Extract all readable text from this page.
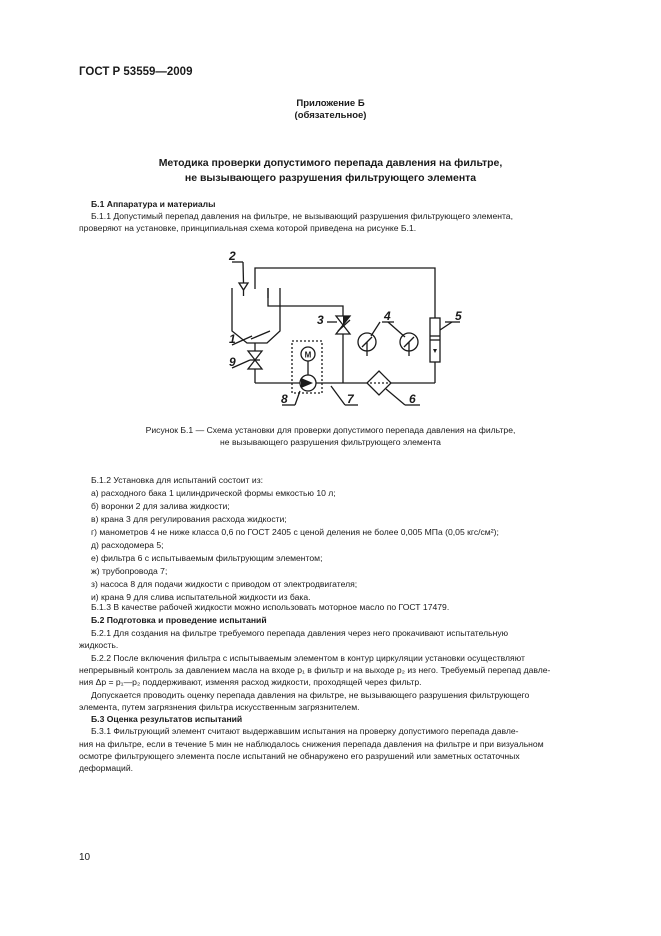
ГОСТ Р 53559—2009
Приложение Б
(обязательное)
Методика проверки допустимого перепада давления на фильтре,
не вызывающего разрушения фильтрующего элемента
Б.1 Аппаратура и материалы
Б.1.1 Допустимый перепад давления на фильтре, не вызывающий разрушения фильтрующего элемента,
проверяют на установке, принципиальная схема которой приведена на рисунке Б.1.
2
1
9
3	4	5
8	7	6
М
Рисунок Б.1 — Схема установки для проверки допустимого перепада давления на фильтре,
не вызывающего разрушения фильтрующего элемента
Б.1.2 Установка для испытаний состоит из:
а) расходного бака 1 цилиндрической формы емкостью 10 л;
б) воронки 2 для залива жидкости;
в) крана 3 для регулирования расхода жидкости;
г) манометров 4 не ниже класса 0,6 по ГОСТ 2405 с ценой деления не более 0,005 МПа (0,05 кгс/см²);
д) расходомера 5;
е) фильтра 6 с испытываемым фильтрующим элементом;
ж) трубопровода 7;
з) насоса 8 для подачи жидкости с приводом от электродвигателя;
и) крана 9 для слива испытательной жидкости из бака.
Б.1.3 В качестве рабочей жидкости можно использовать моторное масло по ГОСТ 17479.
Б.2 Подготовка и проведение испытаний
Б.2.1 Для создания на фильтре требуемого перепада давления через него прокачивают испытательную
жидкость.
Б.2.2 После включения фильтра с испытываемым элементом в контур циркуляции установки осуществляют
непрерывный контроль за давлением масла на входе p₁ в фильтр и на выходе p₂ из него. Требуемый перепад давле-
ния Δp = p₁—p₂ поддерживают, изменяя расход жидкости, проходящей через фильтр.
Допускается проводить оценку перепада давления на фильтре, не вызывающего разрушения фильтрующего
элемента, путем загрязнения фильтра искусственным загрязнителем.
Б.3 Оценка результатов испытаний
Б.3.1 Фильтрующий элемент считают выдержавшим испытания на проверку допустимого перепада давле-
ния на фильтре, если в течение 5 мин не наблюдалось снижения перепада давления на фильтре и при визуальном
осмотре фильтрующего элемента после испытаний не обнаружено его разрушений или заметных остаточных
деформаций.
10
